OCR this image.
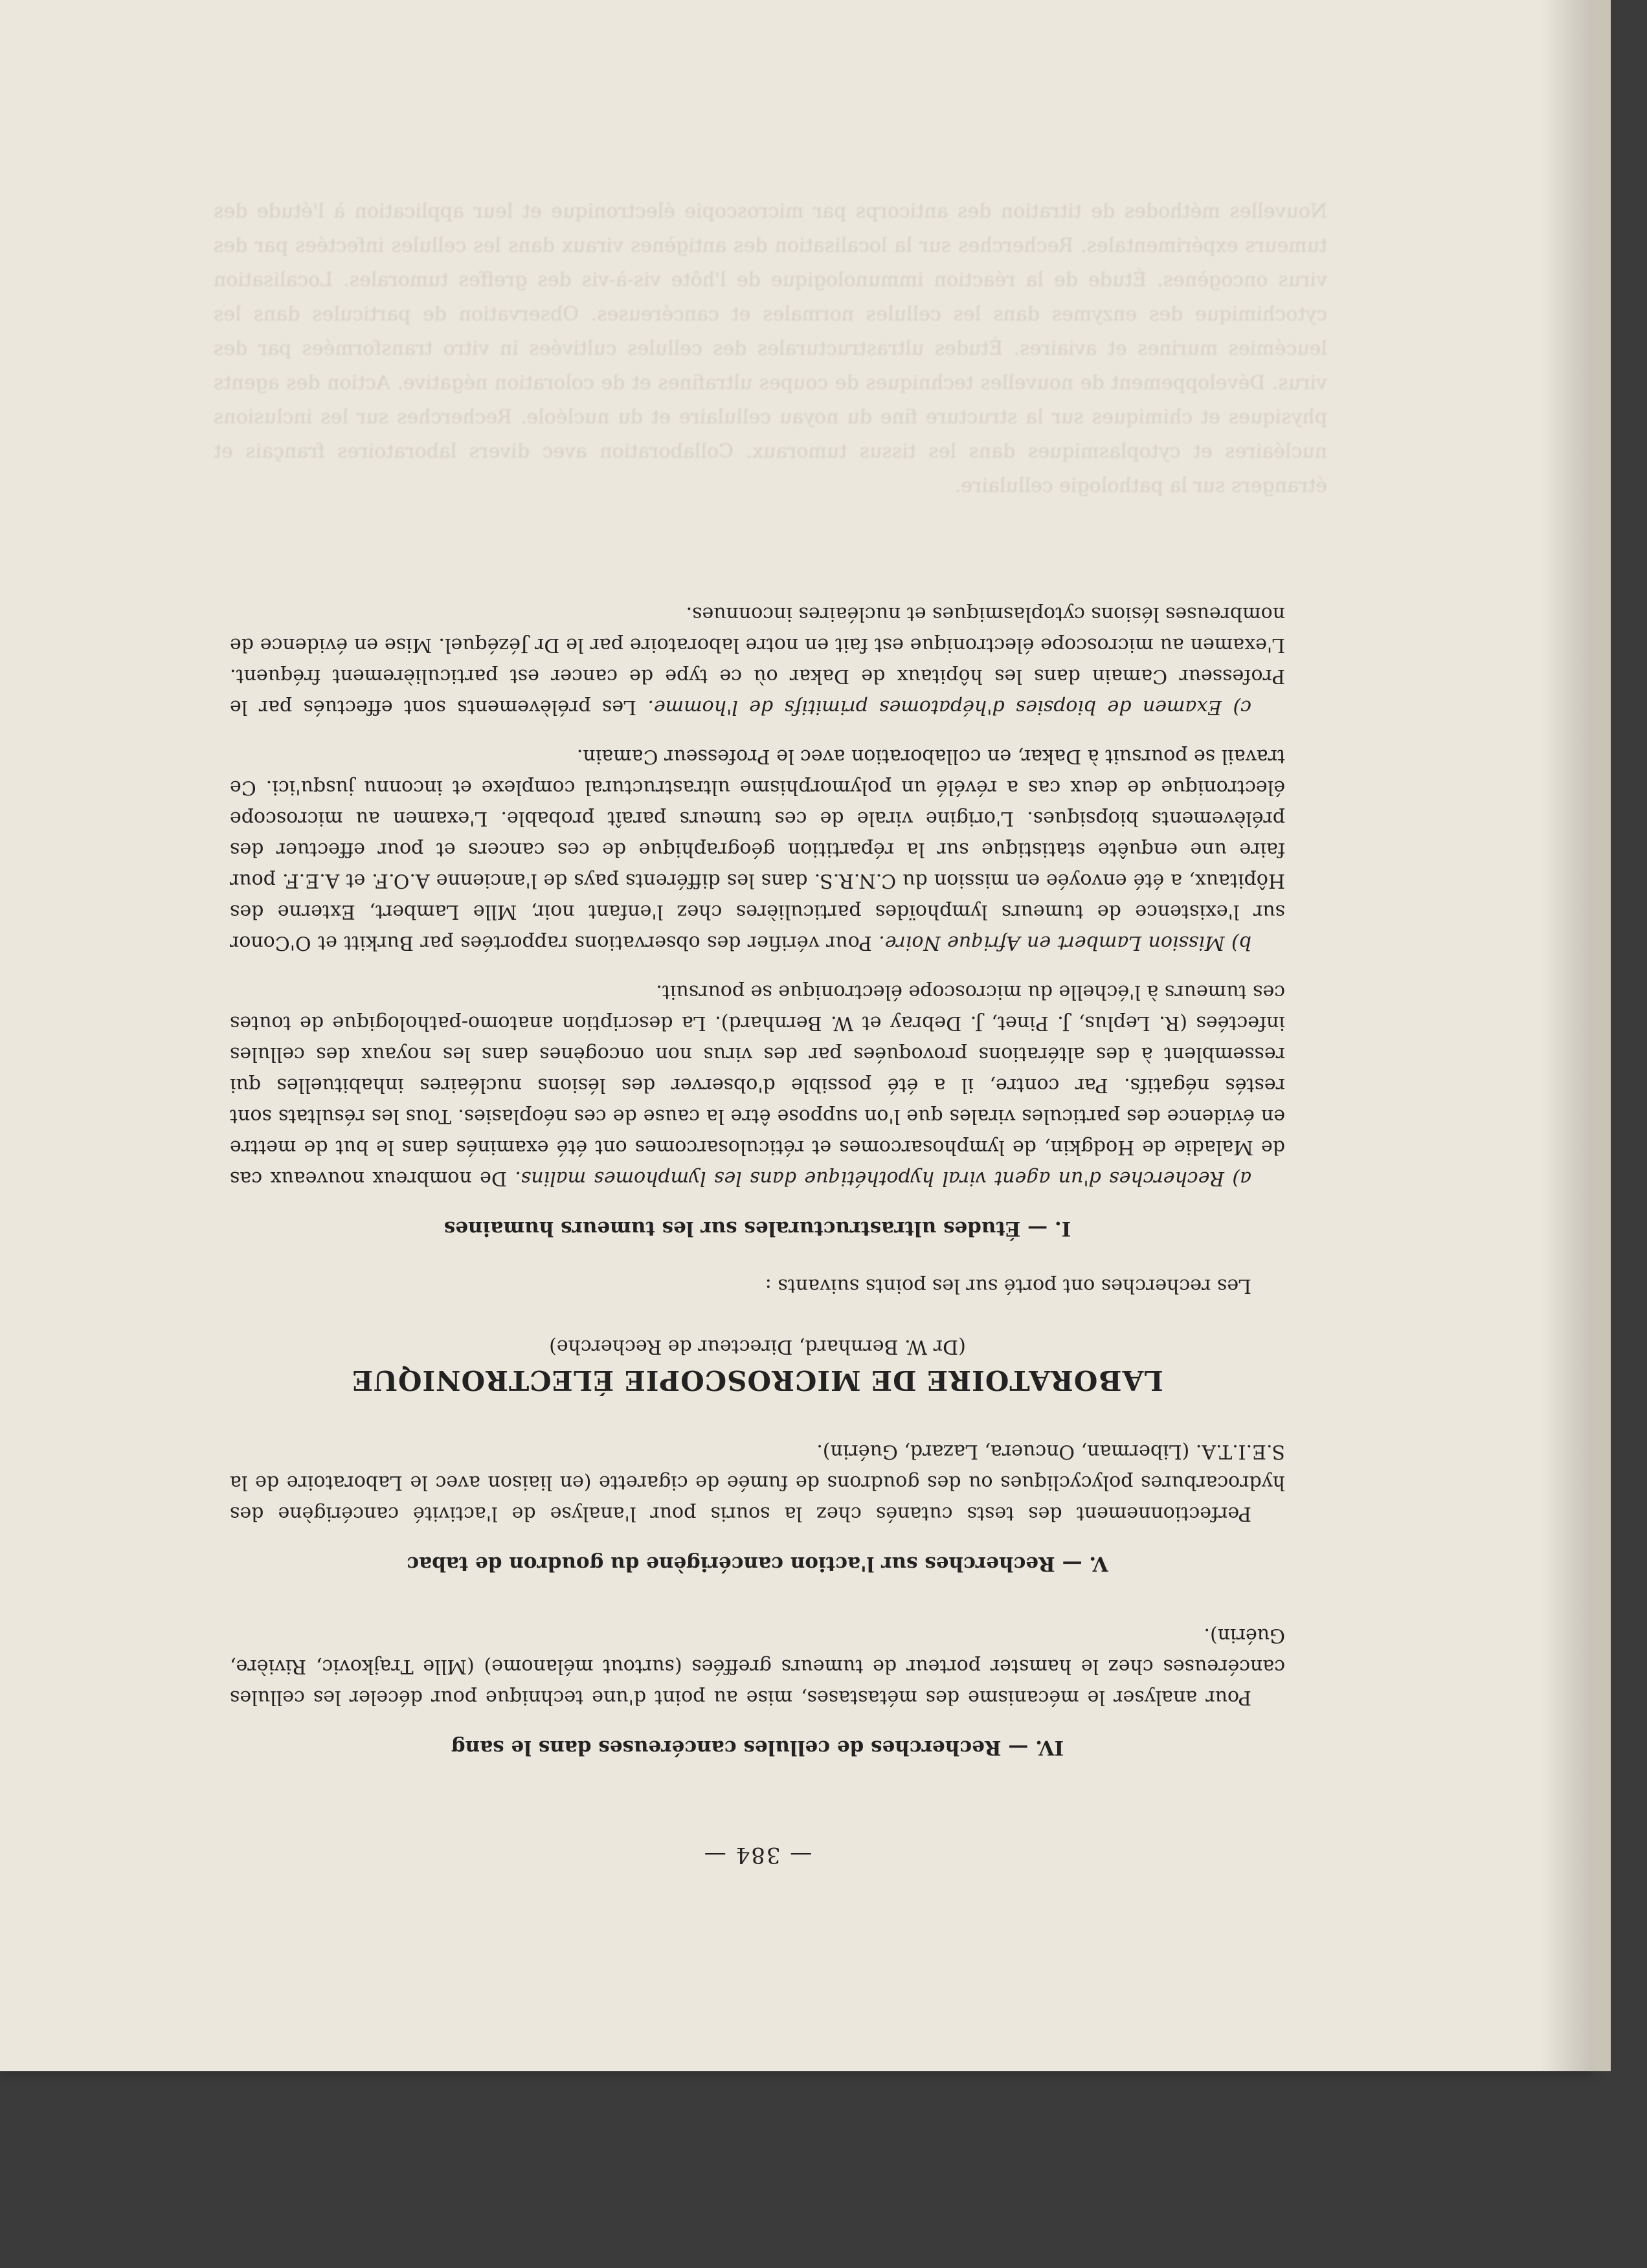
Nouvelles méthodes de titration des anticorps par microscopie électronique et leur application à l'étude des tumeurs expérimentales. Recherches sur la localisation des antigènes viraux dans les cellules infectées par des virus oncogènes. Étude de la réaction immunologique de l'hôte vis-à-vis des greffes tumorales. Localisation cytochimique des enzymes dans les cellules normales et cancéreuses. Observation de particules dans les leucémies murines et aviaires. Études ultrastructurales des cellules cultivées in vitro transformées par des virus. Développement de nouvelles techniques de coupes ultrafines et de coloration négative. Action des agents physiques et chimiques sur la structure fine du noyau cellulaire et du nucléole. Recherches sur les inclusions nucléaires et cytoplasmiques dans les tissus tumoraux. Collaboration avec divers laboratoires français et étrangers sur la pathologie cellulaire.

— 384 —
IV. — Recherches de cellules cancéreuses dans le sang

Pour analyser le mécanisme des métastases, mise au point d'une technique pour déceler les cellules cancéreuses chez le hamster porteur de tumeurs greffées (surtout mélanome) (Mlle Trajkovic, Rivière, Guérin).

V. — Recherches sur l'action cancérigène du goudron de tabac

Perfectionnement des tests cutanés chez la souris pour l'analyse de l'activité cancérigène des hydrocarbures polycycliques ou des goudrons de fumée de cigarette (en liaison avec le Laboratoire de la S.E.I.T.A. (Liberman, Oncuera, Lazard, Guérin).

LABORATOIRE DE MICROSCOPIE ÉLECTRONIQUE
(Dr W. Bernhard, Directeur de Recherche)

Les recherches ont porté sur les points suivants :

I. — Études ultrastructurales sur les tumeurs humaines

a) Recherches d'un agent viral hypothétique dans les lymphomes malins. De nombreux nouveaux cas de Maladie de Hodgkin, de lymphosarcomes et réticulosarcomes ont été examinés dans le but de mettre en évidence des particules virales que l'on suppose être la cause de ces néoplasies. Tous les résultats sont restés négatifs. Par contre, il a été possible d'observer des lésions nucléaires inhabituelles qui ressemblent à des altérations provoquées par des virus non oncogènes dans les noyaux des cellules infectées (R. Leplus, J. Pinet, J. Debray et W. Bernhard). La description anatomo-pathologique de toutes ces tumeurs à l'échelle du microscope électronique se poursuit.

b) Mission Lambert en Afrique Noire. Pour vérifier des observations rapportées par Burkitt et O'Conor sur l'existence de tumeurs lymphoïdes particulières chez l'enfant noir, Mlle Lambert, Externe des Hôpitaux, a été envoyée en mission du C.N.R.S. dans les différents pays de l'ancienne A.O.F. et A.E.F. pour faire une enquête statistique sur la répartition géographique de ces cancers et pour effectuer des prélèvements biopsiques. L'origine virale de ces tumeurs paraît probable. L'examen au microscope électronique de deux cas a révélé un polymorphisme ultrastructural complexe et inconnu jusqu'ici. Ce travail se poursuit à Dakar, en collaboration avec le Professeur Camain.

c) Examen de biopsies d'hépatomes primitifs de l'homme. Les prélèvements sont effectués par le Professeur Camain dans les hôpitaux de Dakar où ce type de cancer est particulièrement fréquent. L'examen au microscope électronique est fait en notre laboratoire par le Dr Jézéquel. Mise en évidence de nombreuses lésions cytoplasmiques et nucléaires inconnues.
